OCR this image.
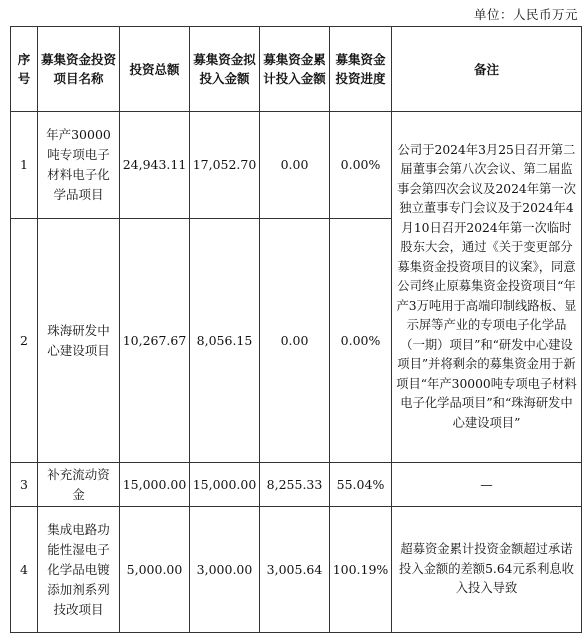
单位：人民币万元
序号	募集资金投资项目名称	投资总额	募集资金拟投入金额	募集资金累计投入金额	募集资金投资进度	备注
1	年产30000吨专项电子材料电子化学品项目	24,943.11	17,052.70	0.00	0.00%	公司于2024年3月25日召开第二届董事会第八次会议、第二届监事会第四次会议及2024年第一次独立董事专门会议及于2024年4月10日召开2024年第一次临时股东大会，通过《关于变更部分募集资金投资项目的议案》，同意公司终止原募集资金投资项目“年产3万吨用于高端印制线路板、显示屏等产业的专项电子化学品（一期）项目”和“研发中心建设项目”并将剩余的募集资金用于新项目“年产30000吨专项电子材料电子化学品项目”和“珠海研发中心建设项目”
2	珠海研发中心建设项目	10,267.67	8,056.15	0.00	0.00%	
3	补充流动资金	15,000.00	15,000.00	8,255.33	55.04%	—
4	集成电路功能性湿电子化学品电镀添加剂系列技改项目	5,000.00	3,000.00	3,005.64	100.19%	超募资金累计投资金额超过承诺投入金额的差额5.64元系利息收入投入导致
